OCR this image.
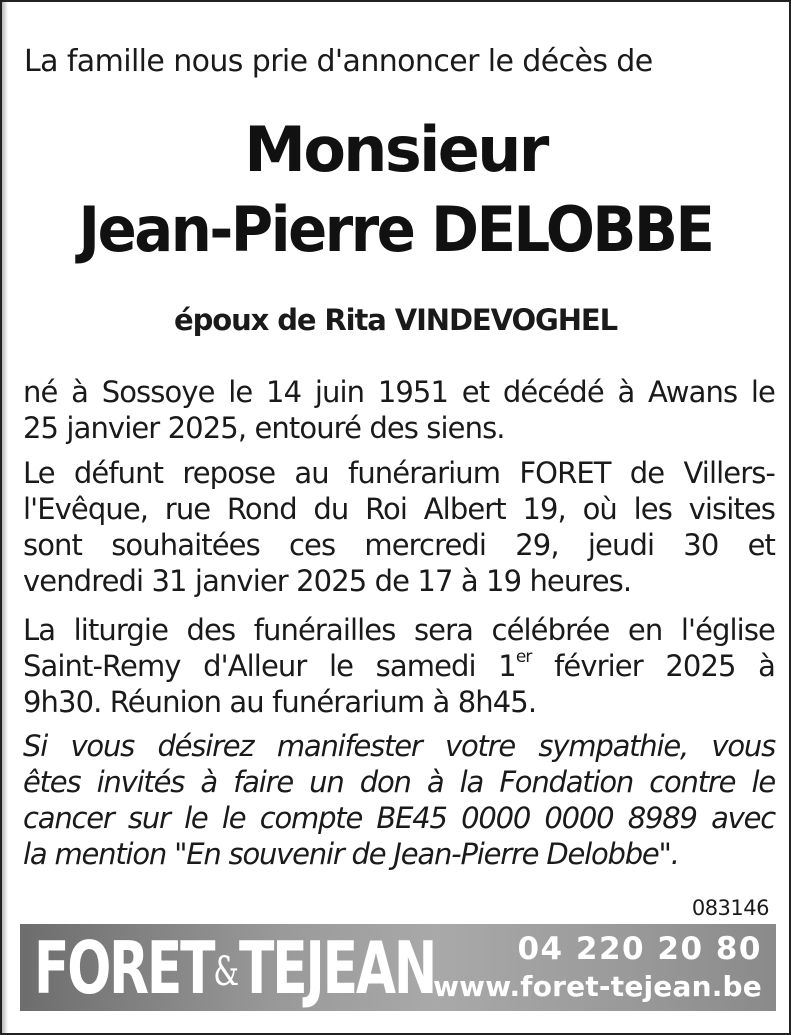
La famille nous prie d'annoncer le décès de
Monsieur
Jean-Pierre DELOBBE
époux de Rita VINDEVOGHEL
né à Sossoye le 14 juin 1951 et décédé à Awans le
25 janvier 2025, entouré des siens.
Le défunt repose au funérarium FORET de Villers-
l'Evêque, rue Rond du Roi Albert 19, où les visites
sont souhaitées ces mercredi 29, jeudi 30 et
vendredi 31 janvier 2025 de 17 à 19 heures.
La liturgie des funérailles sera célébrée en l'église
Saint-Remy d'Alleur le samedi 1er février 2025 à
9h30. Réunion au funérarium à 8h45.
Si vous désirez manifester votre sympathie, vous
êtes invités à faire un don à la Fondation contre le
cancer sur le le compte BE45 0000 0000 8989 avec
la mention "En souvenir de Jean-Pierre Delobbe".
083146
FORET&TEJEAN	04 220 20 80
www.foret-tejean.be
